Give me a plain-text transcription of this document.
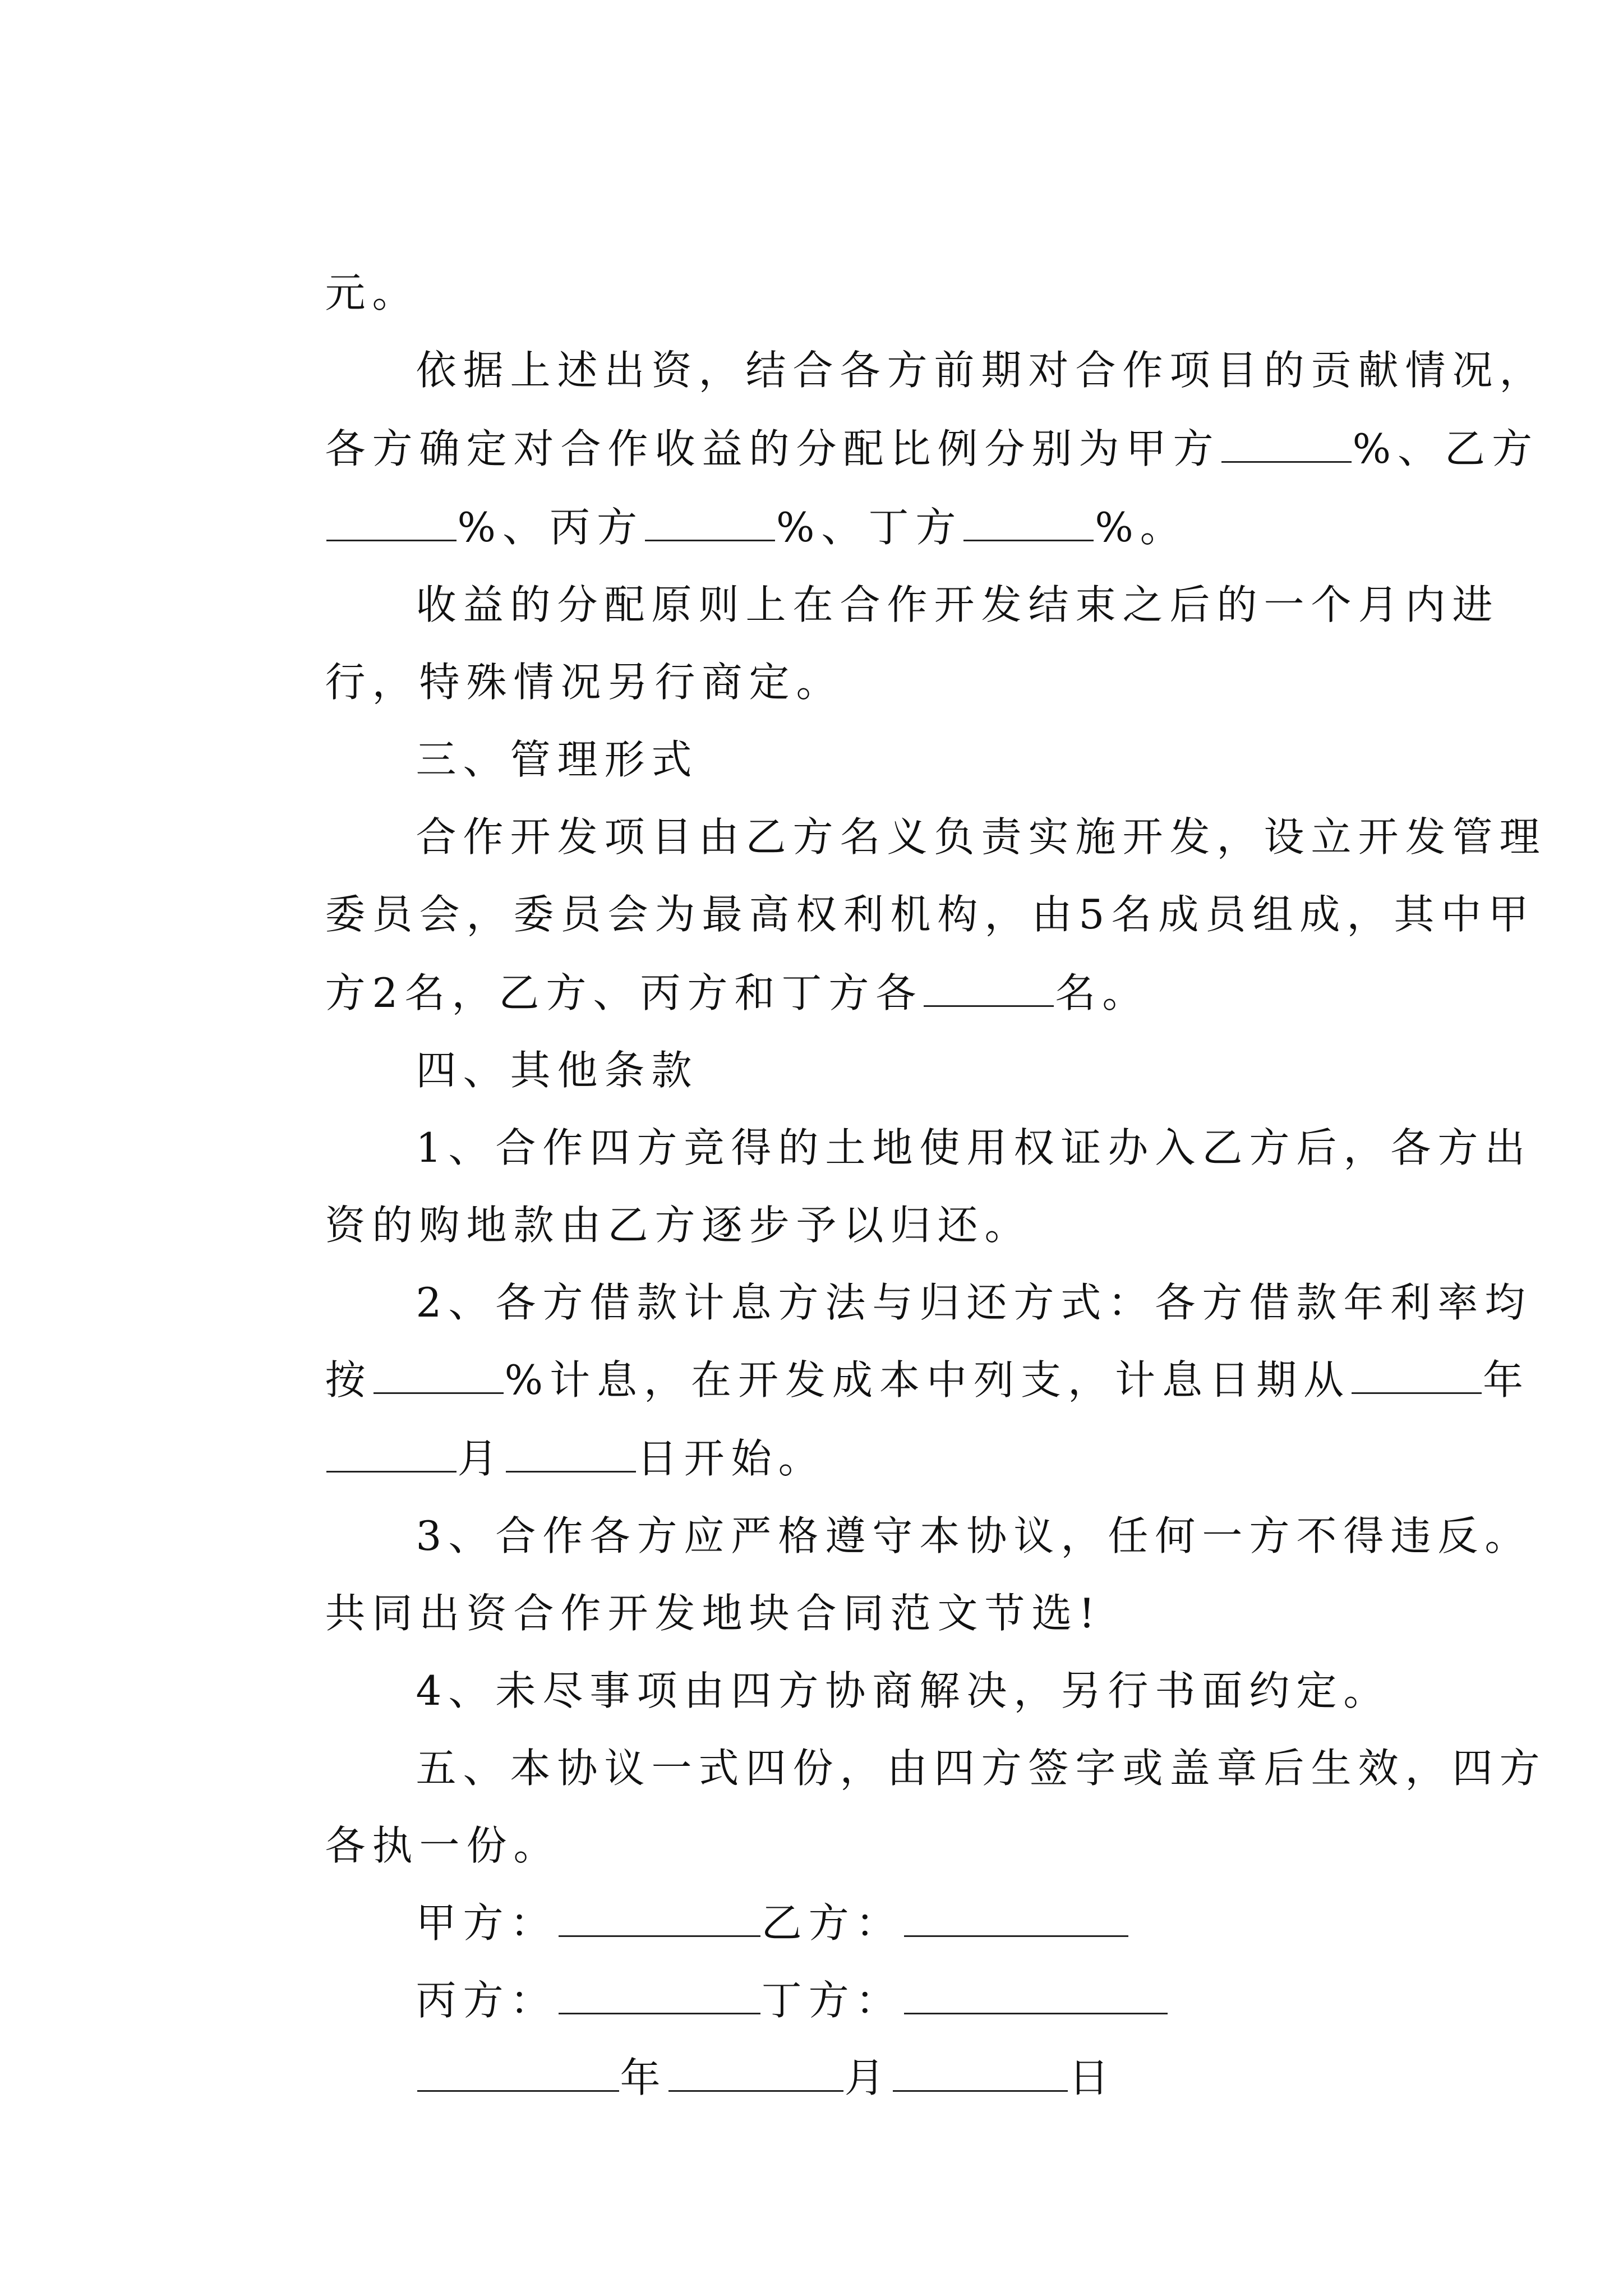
元。

依据上述出资，结合各方前期对合作项目的贡献情况，

各方确定对合作收益的分配比例分别为甲方	%、乙方

%、丙方	%、丁方	%。

收益的分配原则上在合作开发结束之后的一个月内进

行，特殊情况另行商定。

三、管理形式

合作开发项目由乙方名义负责实施开发，设立开发管理

委员会，委员会为最高权利机构，由5名成员组成，其中甲

方2名，乙方、丙方和丁方各	名。

四、其他条款

1、合作四方竞得的土地使用权证办入乙方后，各方出

资的购地款由乙方逐步予以归还。

2、各方借款计息方法与归还方式：各方借款年利率均

按	%计息，在开发成本中列支，计息日期从	年

月	日开始。

3、合作各方应严格遵守本协议，任何一方不得违反。

共同出资合作开发地块合同范文节选!

4、未尽事项由四方协商解决，另行书面约定。

五、本协议一式四份，由四方签字或盖章后生效，四方

各执一份。

甲方：	乙方：

丙方：	丁方：

年	月	日
